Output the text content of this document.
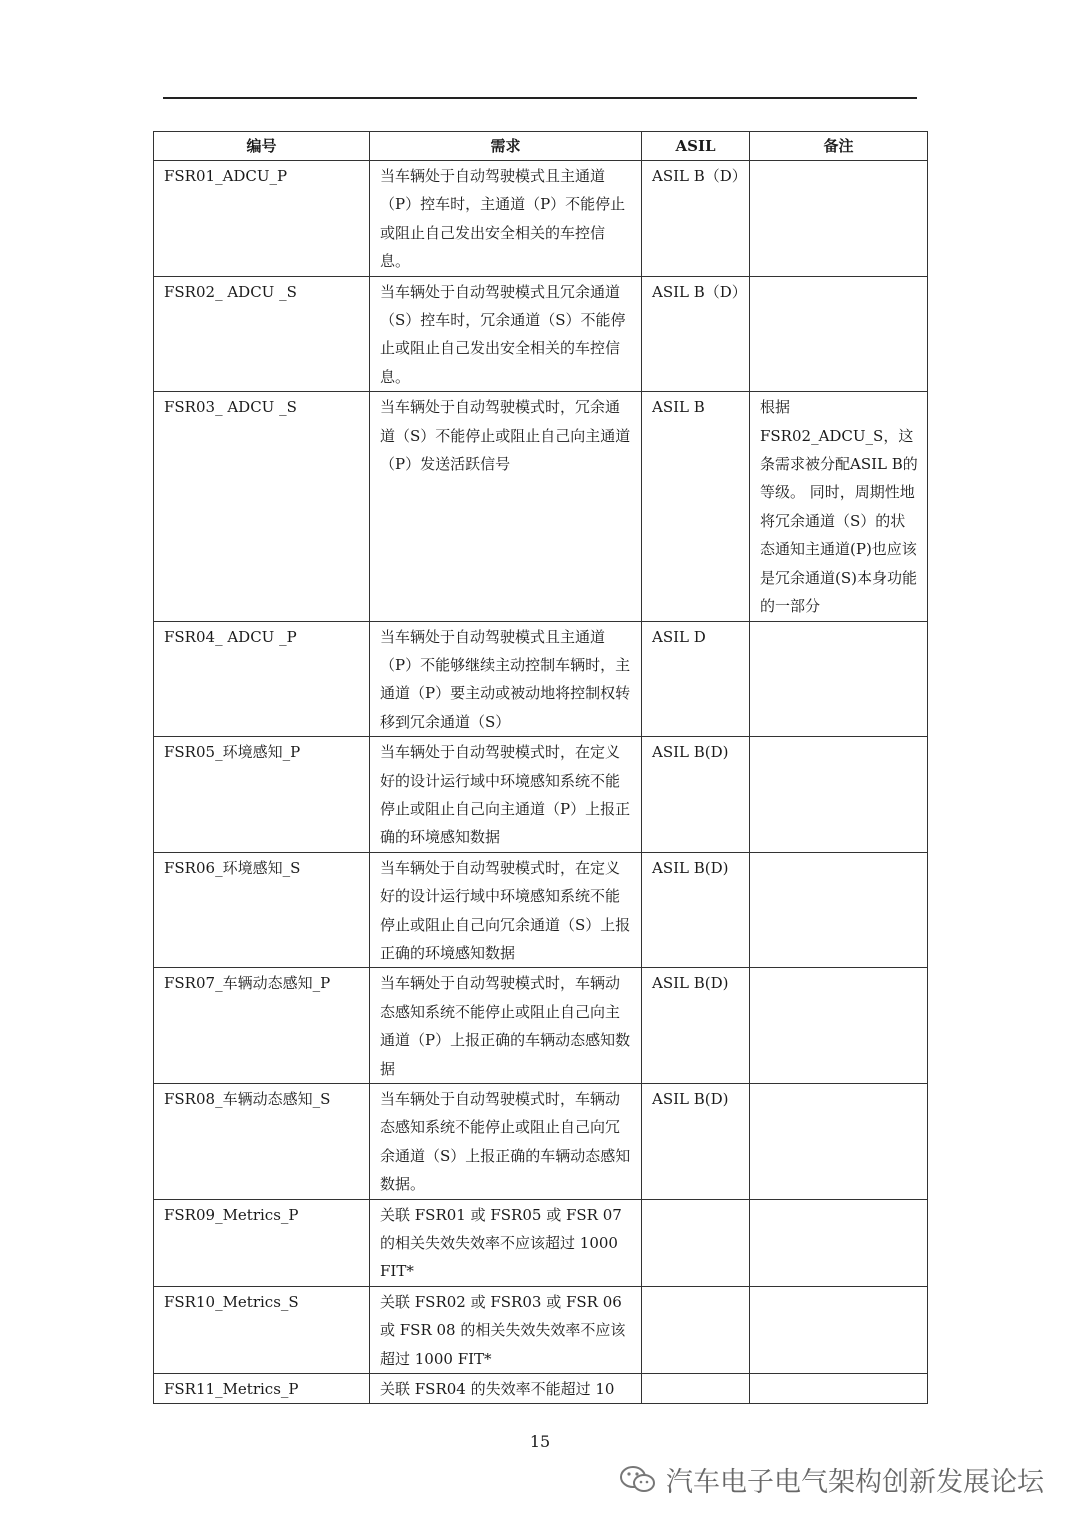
编号	需求	ASIL	备注
FSR01_ADCU_P	当车辆处于自动驾驶模式且主通道（P）控车时，主通道（P）不能停止或阻止自己发出安全相关的车控信息。	ASIL B（D）	
FSR02_ ADCU _S	当车辆处于自动驾驶模式且冗余通道（S）控车时，冗余通道（S）不能停止或阻止自己发出安全相关的车控信息。	ASIL B（D）	
FSR03_ ADCU _S	当车辆处于自动驾驶模式时，冗余通道（S）不能停止或阻止自己向主通道（P）发送活跃信号	ASIL B	根据FSR02_ADCU_S，这条需求被分配ASIL B的等级。 同时，周期性地将冗余通道（S）的状态通知主通道(P)也应该是冗余通道(S)本身功能的一部分
FSR04_ ADCU _P	当车辆处于自动驾驶模式且主通道（P）不能够继续主动控制车辆时，主通道（P）要主动或被动地将控制权转移到冗余通道（S）	ASIL D	
FSR05_环境感知_P	当车辆处于自动驾驶模式时，在定义好的设计运行域中环境感知系统不能停止或阻止自己向主通道（P）上报正确的环境感知数据	ASIL B(D)	
FSR06_环境感知_S	当车辆处于自动驾驶模式时，在定义好的设计运行域中环境感知系统不能停止或阻止自己向冗余通道（S）上报正确的环境感知数据	ASIL B(D)	
FSR07_车辆动态感知_P	当车辆处于自动驾驶模式时，车辆动态感知系统不能停止或阻止自己向主通道（P）上报正确的车辆动态感知数据	ASIL B(D)	
FSR08_车辆动态感知_S	当车辆处于自动驾驶模式时，车辆动态感知系统不能停止或阻止自己向冗余通道（S）上报正确的车辆动态感知数据。	ASIL B(D)	
FSR09_Metrics_P	关联 FSR01 或 FSR05 或 FSR 07 的相关失效失效率不应该超过 1000 FIT*		
FSR10_Metrics_S	关联 FSR02 或 FSR03 或 FSR 06 或 FSR 08 的相关失效失效率不应该超过 1000 FIT*		
FSR11_Metrics_P	关联 FSR04 的失效率不能超过 10		
15
汽车电子电气架构创新发展论坛
